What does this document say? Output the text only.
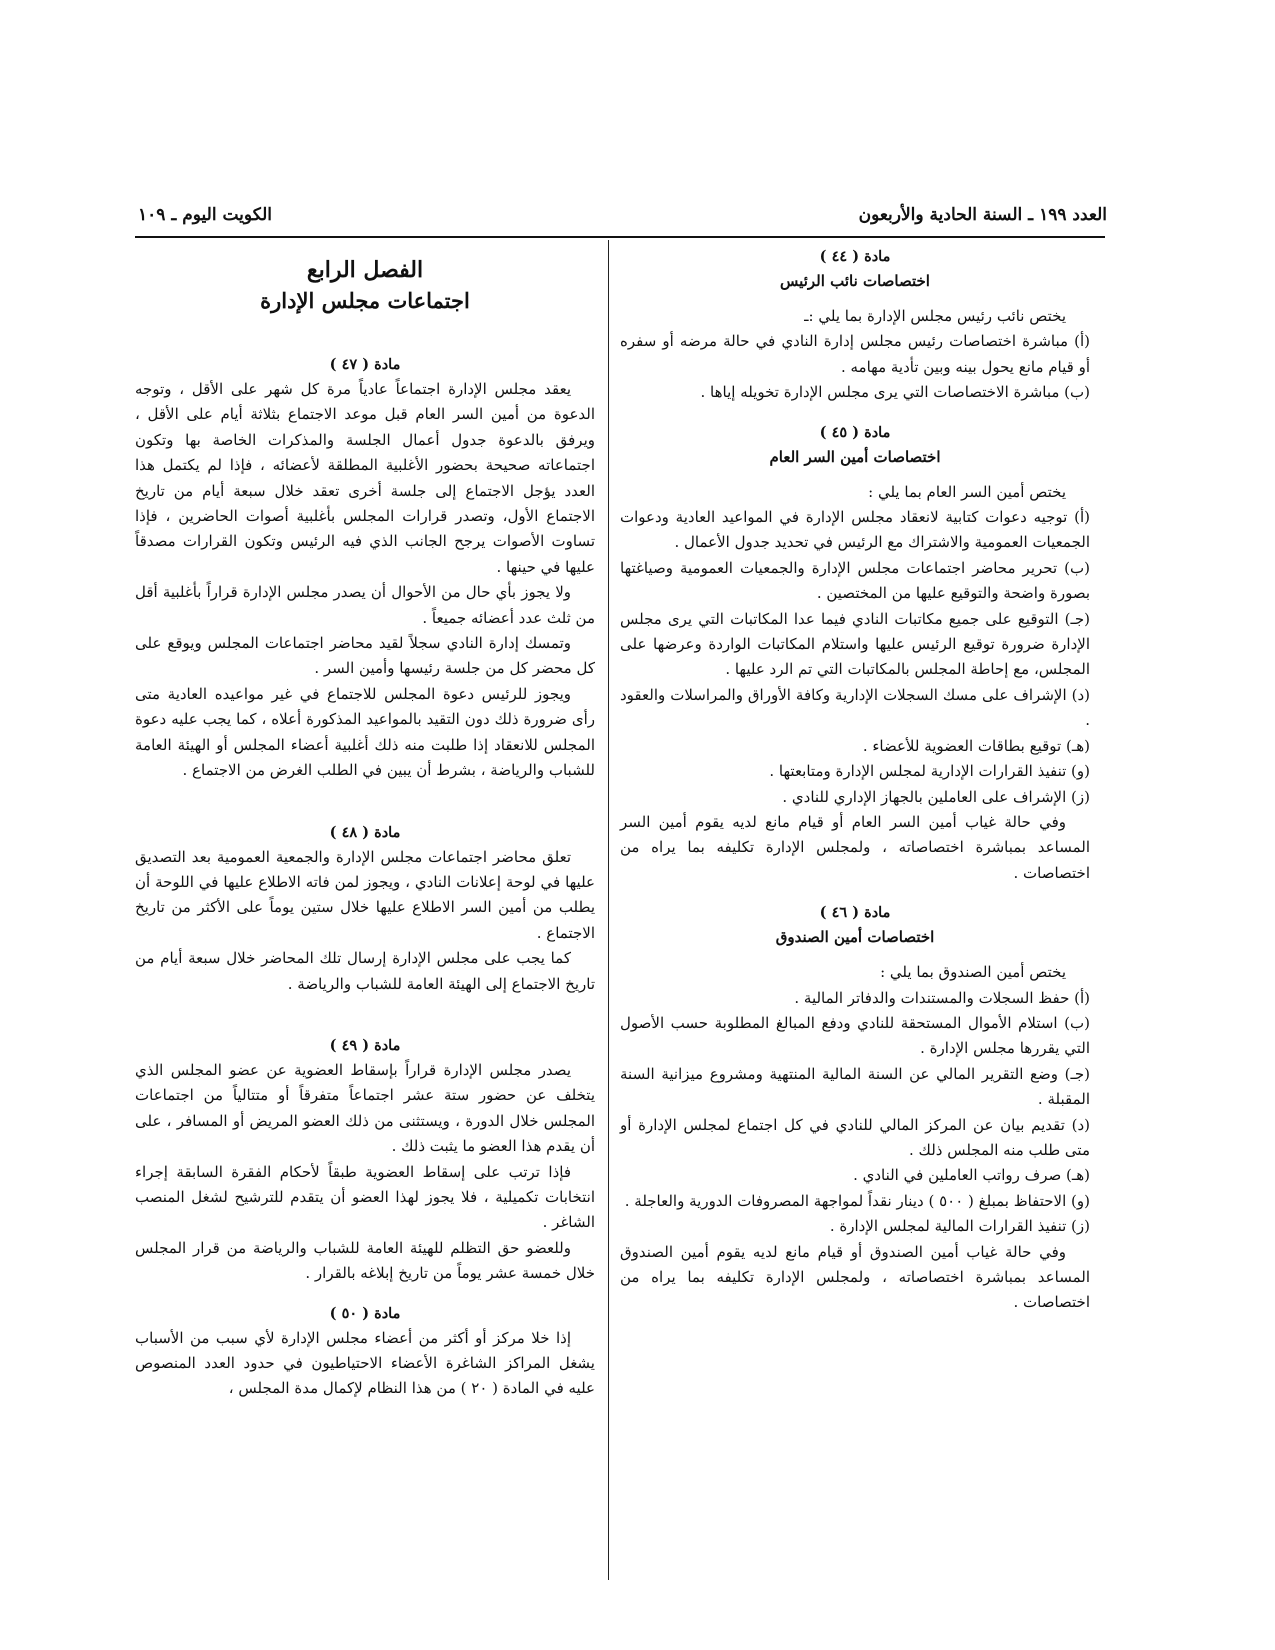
العدد ١٩٩ ـ السنة الحادية والأربعون
الكويت اليوم ـ ١٠٩
مادة ( ٤٤ )
اختصاصات نائب الرئيس

يختص نائب رئيس مجلس الإدارة بما يلي :ـ

(أ) مباشرة اختصاصات رئيس مجلس إدارة النادي في حالة مرضه أو سفره أو قيام مانع يحول بينه وبين تأدية مهامه .

(ب) مباشرة الاختصاصات التي يرى مجلس الإدارة تخويله إياها .

مادة ( ٤٥ )
اختصاصات أمين السر العام

يختص أمين السر العام بما يلي :

(أ) توجيه دعوات كتابية لانعقاد مجلس الإدارة في المواعيد العادية ودعوات الجمعيات العمومية والاشتراك مع الرئيس في تحديد جدول الأعمال .

(ب) تحرير محاضر اجتماعات مجلس الإدارة والجمعيات العمومية وصياغتها بصورة واضحة والتوقيع عليها من المختصين .

(جـ) التوقيع على جميع مكاتبات النادي فيما عدا المكاتبات التي يرى مجلس الإدارة ضرورة توقيع الرئيس عليها واستلام المكاتبات الواردة وعرضها على المجلس، مع إحاطة المجلس بالمكاتبات التي تم الرد عليها .

(د) الإشراف على مسك السجلات الإدارية وكافة الأوراق والمراسلات والعقود .

(هـ) توقيع بطاقات العضوية للأعضاء .

(و) تنفيذ القرارات الإدارية لمجلس الإدارة ومتابعتها .

(ز) الإشراف على العاملين بالجهاز الإداري للنادي .

وفي حالة غياب أمين السر العام أو قيام مانع لديه يقوم أمين السر المساعد بمباشرة اختصاصاته ، ولمجلس الإدارة تكليفه بما يراه من اختصاصات .

مادة ( ٤٦ )
اختصاصات أمين الصندوق

يختص أمين الصندوق بما يلي :

(أ) حفظ السجلات والمستندات والدفاتر المالية .

(ب) استلام الأموال المستحقة للنادي ودفع المبالغ المطلوبة حسب الأصول التي يقررها مجلس الإدارة .

(جـ) وضع التقرير المالي عن السنة المالية المنتهية ومشروع ميزانية السنة المقبلة .

(د) تقديم بيان عن المركز المالي للنادي في كل اجتماع لمجلس الإدارة أو متى طلب منه المجلس ذلك .

(هـ) صرف رواتب العاملين في النادي .

(و) الاحتفاظ بمبلغ ( ٥٠٠ ) دينار نقداً لمواجهة المصروفات الدورية والعاجلة .

(ز) تنفيذ القرارات المالية لمجلس الإدارة .

وفي حالة غياب أمين الصندوق أو قيام مانع لديه يقوم أمين الصندوق المساعد بمباشرة اختصاصاته ، ولمجلس الإدارة تكليفه بما يراه من اختصاصات .

الفصل الرابع
اجتماعات مجلس الإدارة
مادة ( ٤٧ )

يعقد مجلس الإدارة اجتماعاً عادياً مرة كل شهر على الأقل ، وتوجه الدعوة من أمين السر العام قبل موعد الاجتماع بثلاثة أيام على الأقل ، ويرفق بالدعوة جدول أعمال الجلسة والمذكرات الخاصة بها وتكون اجتماعاته صحيحة بحضور الأغلبية المطلقة لأعضائه ، فإذا لم يكتمل هذا العدد يؤجل الاجتماع إلى جلسة أخرى تعقد خلال سبعة أيام من تاريخ الاجتماع الأول، وتصدر قرارات المجلس بأغلبية أصوات الحاضرين ، فإذا تساوت الأصوات يرجح الجانب الذي فيه الرئيس وتكون القرارات مصدقاً عليها في حينها .

ولا يجوز بأي حال من الأحوال أن يصدر مجلس الإدارة قراراً بأغلبية أقل من ثلث عدد أعضائه جميعاً .

وتمسك إدارة النادي سجلاً لقيد محاضر اجتماعات المجلس ويوقع على كل محضر كل من جلسة رئيسها وأمين السر .

ويجوز للرئيس دعوة المجلس للاجتماع في غير مواعيده العادية متى رأى ضرورة ذلك دون التقيد بالمواعيد المذكورة أعلاه ، كما يجب عليه دعوة المجلس للانعقاد إذا طلبت منه ذلك أغلبية أعضاء المجلس أو الهيئة العامة للشباب والرياضة ، بشرط أن يبين في الطلب الغرض من الاجتماع .

مادة ( ٤٨ )

تعلق محاضر اجتماعات مجلس الإدارة والجمعية العمومية بعد التصديق عليها في لوحة إعلانات النادي ، ويجوز لمن فاته الاطلاع عليها في اللوحة أن يطلب من أمين السر الاطلاع عليها خلال ستين يوماً على الأكثر من تاريخ الاجتماع .

كما يجب على مجلس الإدارة إرسال تلك المحاضر خلال سبعة أيام من تاريخ الاجتماع إلى الهيئة العامة للشباب والرياضة .

مادة ( ٤٩ )

يصدر مجلس الإدارة قراراً بإسقاط العضوية عن عضو المجلس الذي يتخلف عن حضور ستة عشر اجتماعاً متفرقاً أو متتالياً من اجتماعات المجلس خلال الدورة ، ويستثنى من ذلك العضو المريض أو المسافر ، على أن يقدم هذا العضو ما يثبت ذلك .

فإذا ترتب على إسقاط العضوية طبقاً لأحكام الفقرة السابقة إجراء انتخابات تكميلية ، فلا يجوز لهذا العضو أن يتقدم للترشيح لشغل المنصب الشاغر .

وللعضو حق التظلم للهيئة العامة للشباب والرياضة من قرار المجلس خلال خمسة عشر يوماً من تاريخ إبلاغه بالقرار .

مادة ( ٥٠ )

إذا خلا مركز أو أكثر من أعضاء مجلس الإدارة لأي سبب من الأسباب يشغل المراكز الشاغرة الأعضاء الاحتياطيون في حدود العدد المنصوص عليه في المادة ( ٢٠ ) من هذا النظام لإكمال مدة المجلس ،
